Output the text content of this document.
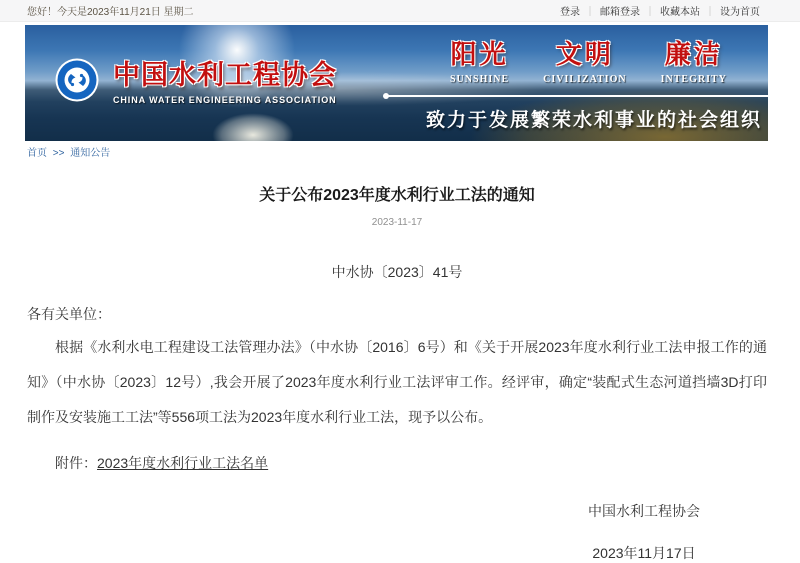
您好！今天是2023年11月21日 星期二	登录 ｜ 邮箱登录 ｜ 收藏本站 ｜ 设为首页
中国水利工程协会
CHINA WATER ENGINEERING ASSOCIATION
阳光
SUNSHINE
文明
CIVILIZATION
廉洁
INTEGRITY
致力于发展繁荣水利事业的社会组织
首页 >> 通知公告
关于公布2023年度水利行业工法的通知
2023-11-17
中水协〔2023〕41号
各有关单位：

根据《水利水电工程建设工法管理办法》（中水协〔2016〕6号）和《关于开展2023年度水利行业工法申报工作的通知》（中水协〔2023〕12号）,我会开展了2023年度水利行业工法评审工作。经评审，确定“装配式生态河道挡墙3D打印制作及安装施工工法”等556项工法为2023年度水利行业工法，现予以公布。

附件：2023年度水利行业工法名单
中国水利工程协会
2023年11月17日
